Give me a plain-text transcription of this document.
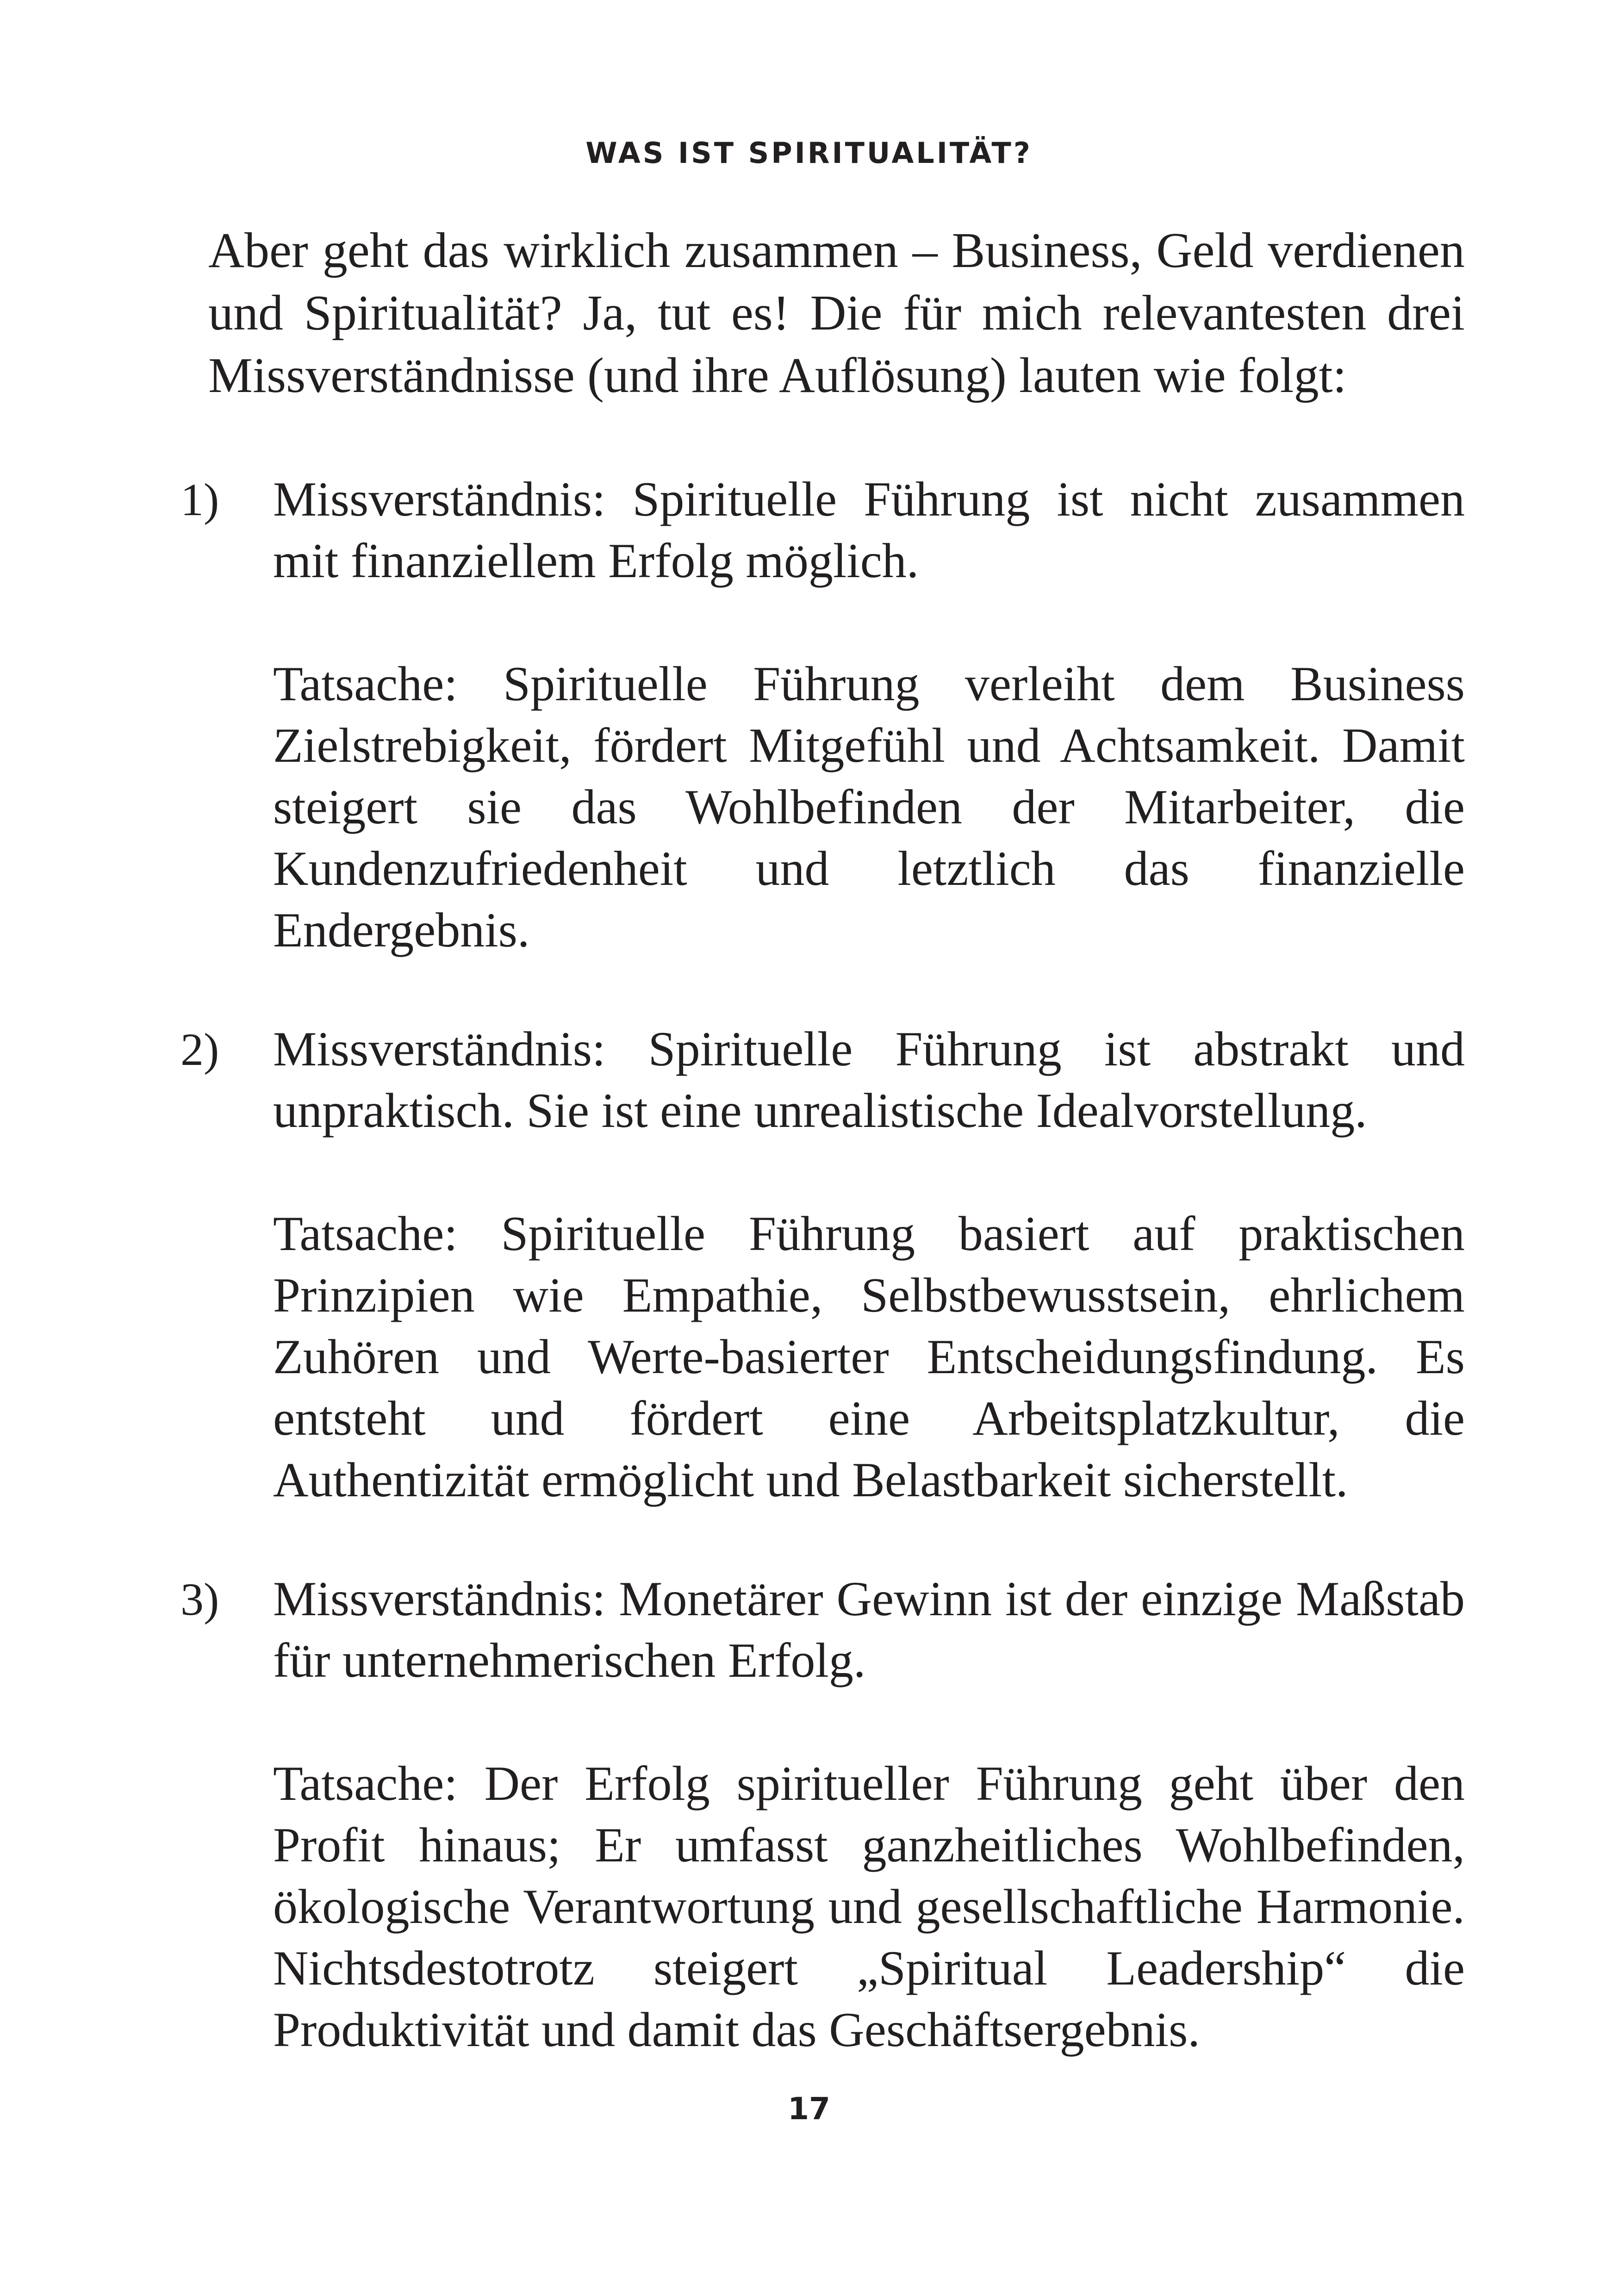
WAS IST SPIRITUALITÄT?

Aber geht das wirklich zusammen – Business, Geld verdienen und Spiritualität? Ja, tut es! Die für mich relevantesten drei Missverständnisse (und ihre Auflösung) lauten wie folgt:

1)	Missverständnis: Spirituelle Führung ist nicht zusammen mit finanziellem Erfolg möglich.

Tatsache: Spirituelle Führung verleiht dem Business Zielstrebigkeit, fördert Mitgefühl und Achtsamkeit. Damit steigert sie das Wohlbefinden der Mitarbeiter, die Kundenzufriedenheit und letztlich das finanzielle Endergebnis.

2)	Missverständnis: Spirituelle Führung ist abstrakt und unpraktisch. Sie ist eine unrealistische Idealvorstellung.

Tatsache: Spirituelle Führung basiert auf praktischen Prinzipien wie Empathie, Selbstbewusstsein, ehrlichem Zuhören und Werte-basierter Entscheidungsfindung. Es entsteht und fördert eine Arbeitsplatzkultur, die Authentizität ermöglicht und Belastbarkeit sicherstellt.

3)	Missverständnis: Monetärer Gewinn ist der einzige Maßstab für unternehmerischen Erfolg.

Tatsache: Der Erfolg spiritueller Führung geht über den Profit hinaus; Er umfasst ganzheitliches Wohlbefinden, ökologische Verantwortung und gesellschaftliche Harmonie. Nichtsdestotrotz steigert „Spiritual Leadership“ die Produktivität und damit das Geschäftsergebnis.

17
